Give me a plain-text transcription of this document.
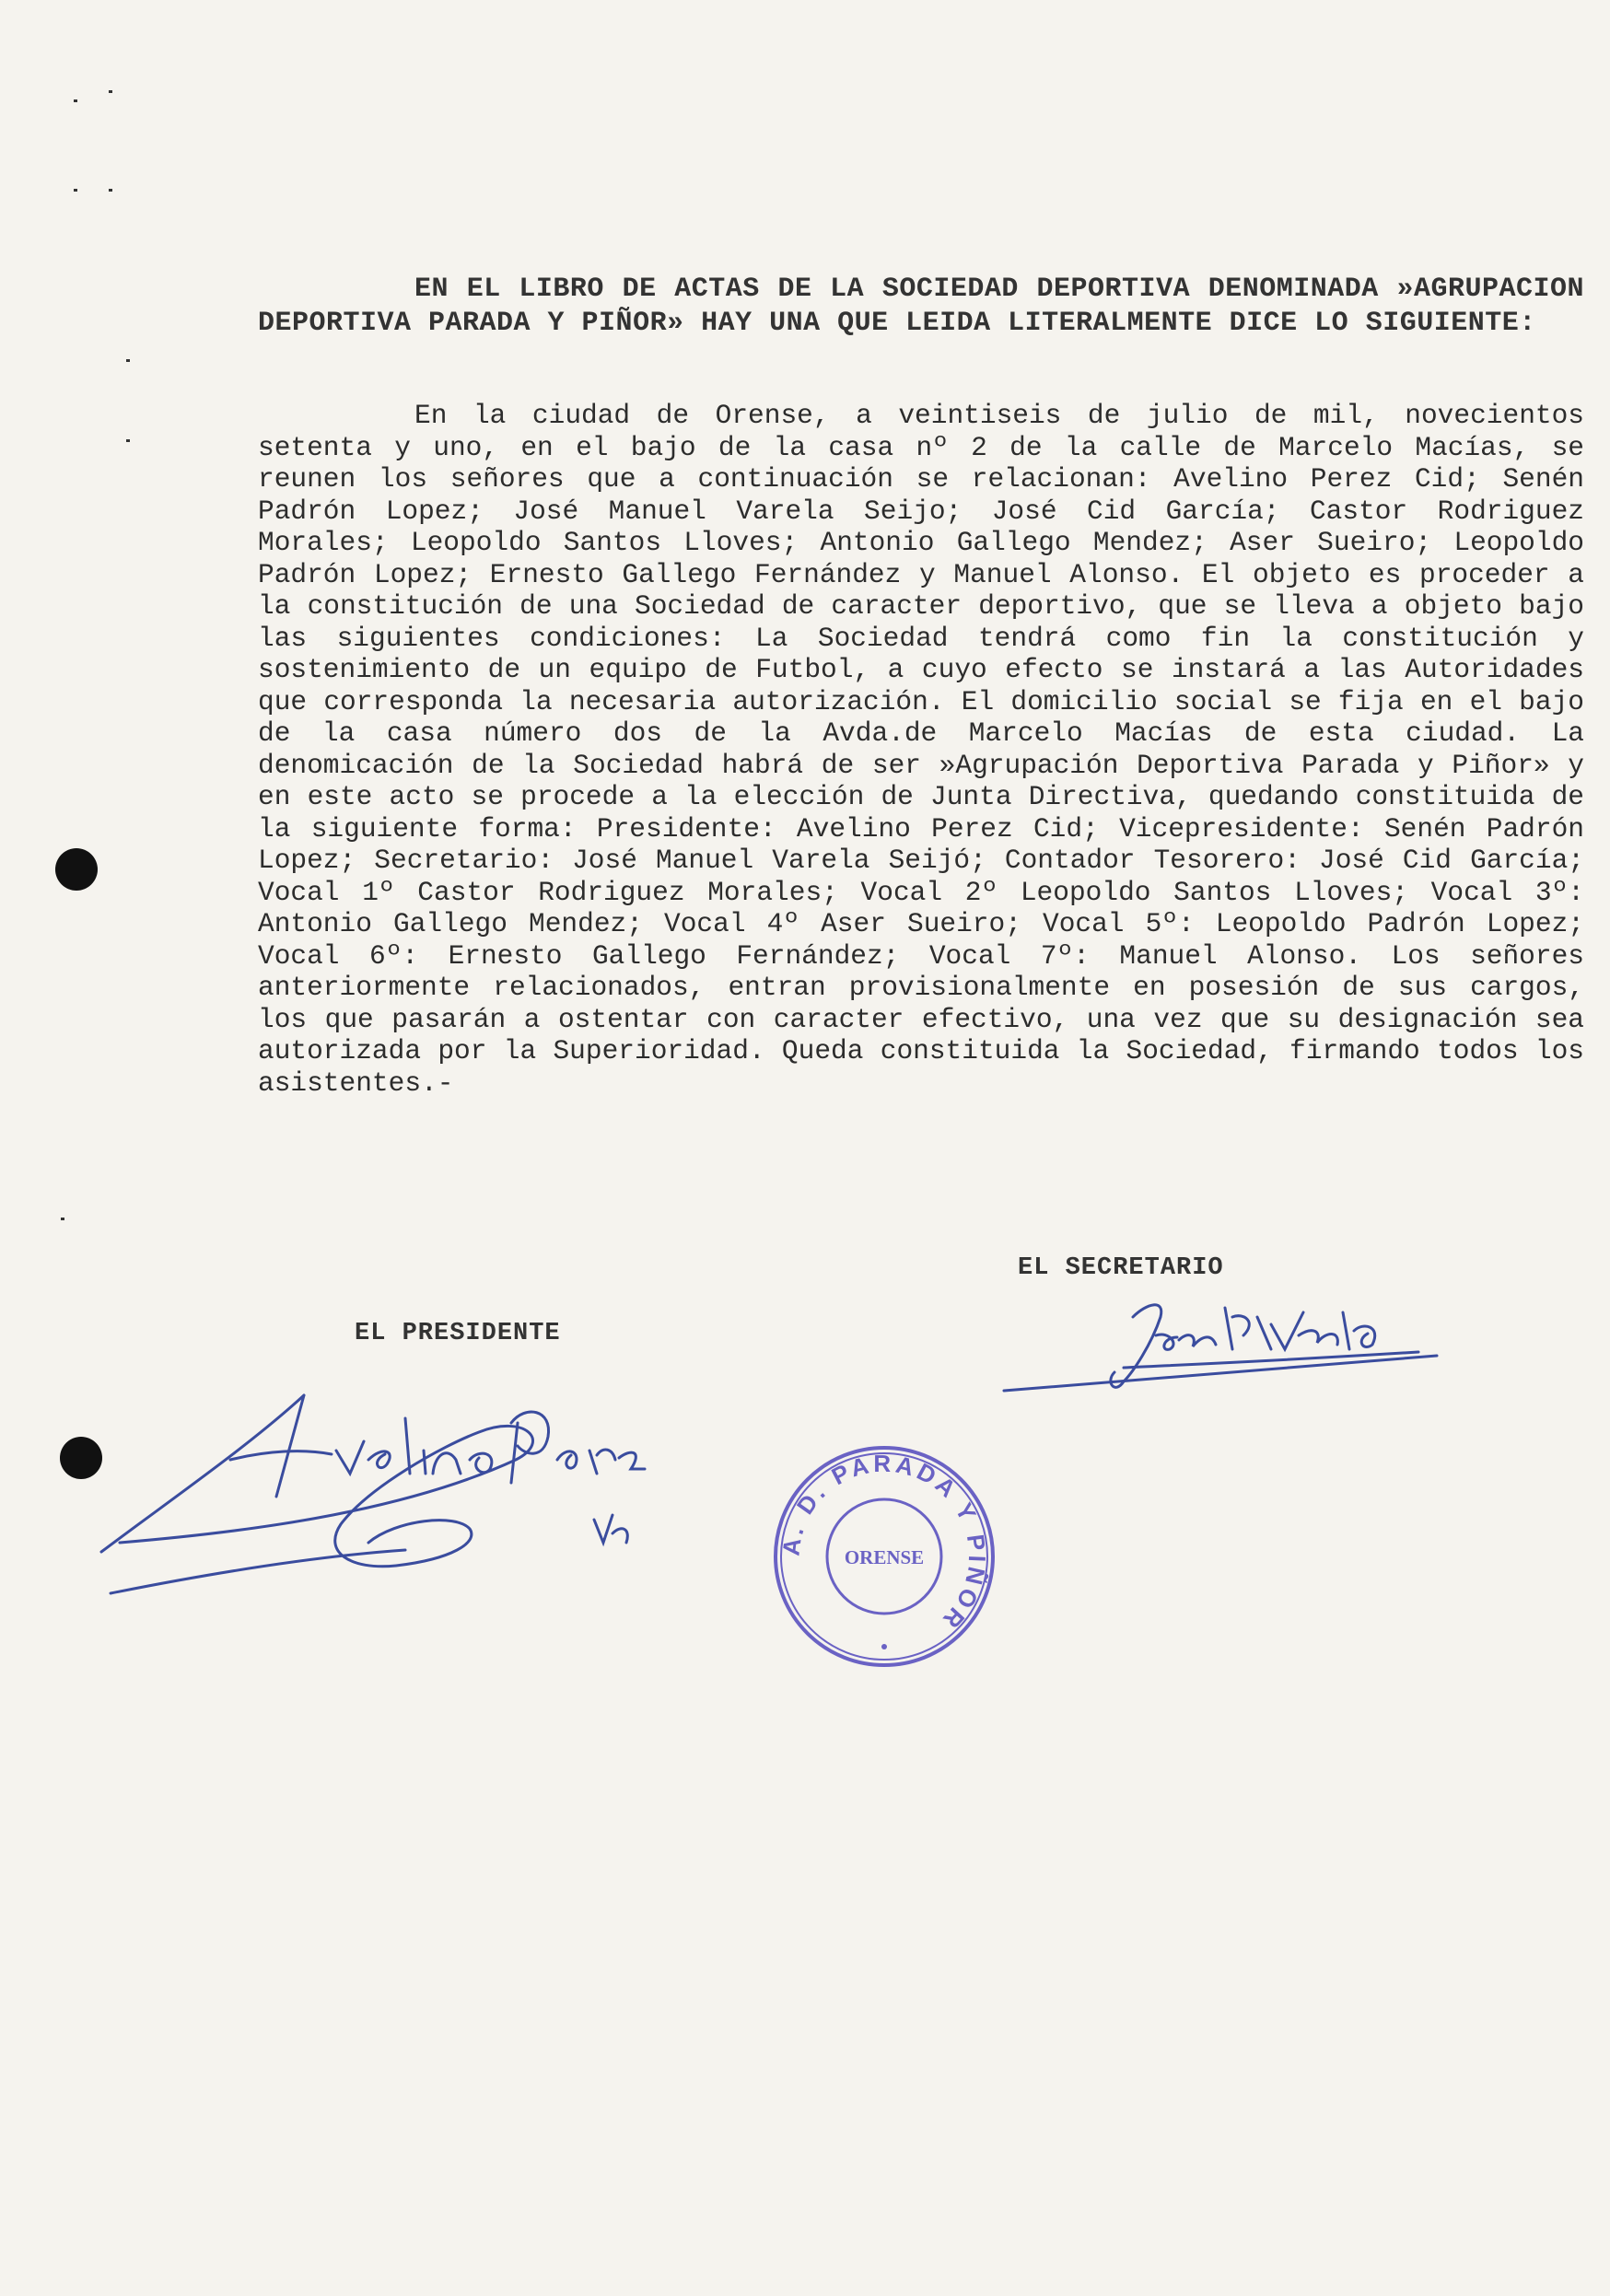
EN EL LIBRO DE ACTAS DE LA SOCIEDAD DEPORTIVA DENOMINADA »AGRUPACION DEPORTIVA PARADA Y PIÑOR» HAY UNA QUE LEIDA LITERALMENTE DICE LO SIGUIENTE:

En la ciudad de Orense, a veintiseis de julio de mil, novecientos setenta y uno, en el bajo de la casa nº 2 de la calle de Marcelo Macías, se reunen los señores que a continuación se relacionan: Avelino Perez Cid; Senén Padrón Lopez; José Manuel Varela Seijo; José Cid García; Castor Rodriguez Morales; Leopoldo Santos Lloves; Antonio Gallego Mendez; Aser Sueiro; Leopoldo Padrón Lopez; Ernesto Gallego Fernández y Manuel Alonso. El objeto es proceder a la constitución de una Sociedad de caracter deportivo, que se lleva a objeto bajo las siguientes condiciones: La Sociedad tendrá como fin la constitución y sostenimiento de un equipo de Futbol, a cuyo efecto se instará a las Autoridades que corresponda la necesaria autorización. El domicilio social se fija en el bajo de la casa número dos de la Avda.de Marcelo Macías de esta ciudad. La denomicación de la Sociedad habrá de ser »Agrupación Deportiva Parada y Piñor» y en este acto se procede a la elección de Junta Directiva, quedando constituida de la siguiente forma: Presidente: Avelino Perez Cid; Vicepresidente: Senén Padrón Lopez; Secretario: José Manuel Varela Seijó; Contador Tesorero: José Cid García; Vocal 1º Castor Rodriguez Morales; Vocal 2º Leopoldo Santos Lloves; Vocal 3º: Antonio Gallego Mendez; Vocal 4º Aser Sueiro; Vocal 5º: Leopoldo Padrón Lopez; Vocal 6º: Ernesto Gallego Fernández; Vocal 7º: Manuel Alonso. Los señores anteriormente relacionados, entran provisionalmente en posesión de sus cargos, los que pasarán a ostentar con caracter efectivo, una vez que su designación sea autorizada por la Superioridad. Queda constituida la Sociedad, firmando todos los asistentes.-

EL SECRETARIO
EL PRESIDENTE
A. D. PARADA Y PIÑOR
ORENSE
